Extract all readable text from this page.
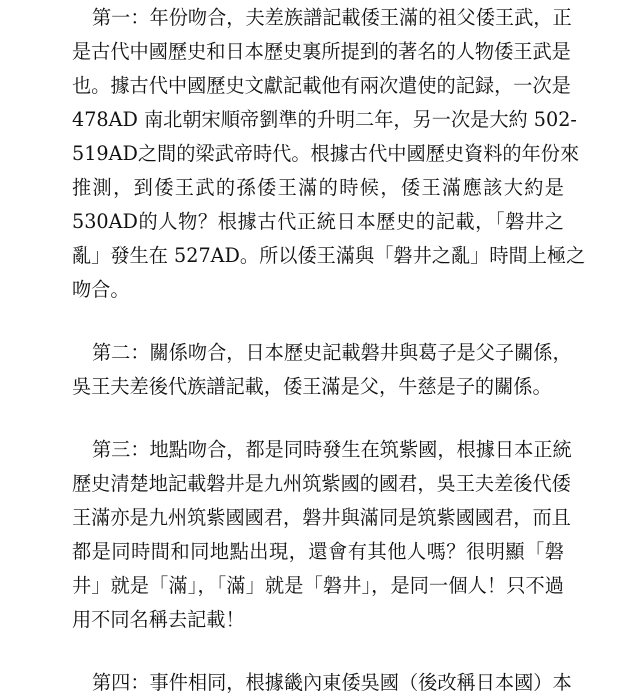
第一：年份吻合，夫差族譜記載倭王滿的祖父倭王武，正
是古代中國歷史和日本歷史裏所提到的著名的人物倭王武是
也。據古代中國歷史文獻記載他有兩次遣使的記録，一次是
478AD 南北朝宋順帝劉準的升明二年，另一次是大約 502-
519AD之間的梁武帝時代。根據古代中國歷史資料的年份來
推測，到倭王武的孫倭王滿的時候，倭王滿應該大約是
530AD的人物？根據古代正統日本歷史的記載，「磐井之
亂」發生在 527AD。所以倭王滿與「磐井之亂」時間上極之
吻合。
第二：關係吻合，日本歷史記載磐井與葛子是父子關係，
吳王夫差後代族譜記載，倭王滿是父，牛慈是子的關係。
第三：地點吻合，都是同時發生在筑紫國，根據日本正統
歷史清楚地記載磐井是九州筑紫國的國君，吳王夫差後代倭
王滿亦是九州筑紫國國君，磐井與滿同是筑紫國國君，而且
都是同時間和同地點出現，還會有其他人嗎？很明顯「磐
井」就是「滿」，「滿」就是「磐井」，是同一個人！只不過
用不同名稱去記載！
第四：事件相同，根據畿內東倭吳國（後改稱日本國）本
